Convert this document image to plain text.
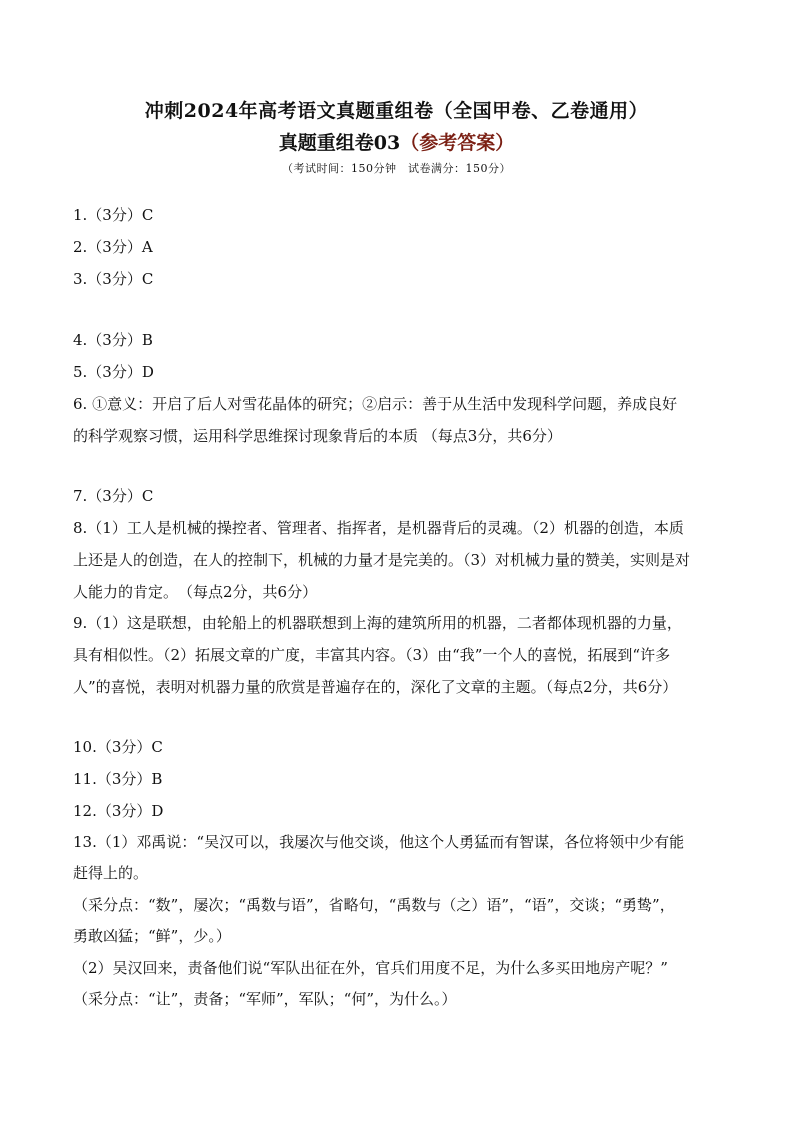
冲刺2024年高考语文真题重组卷（全国甲卷、乙卷通用）
真题重组卷03（参考答案）
（考试时间：150分钟　试卷满分：150分）
1.（3分）C
2.（3分）A
3.（3分）C
4.（3分）B
5.（3分）D
6. ①意义：开启了后人对雪花晶体的研究；②启示：善于从生活中发现科学问题，养成良好
的科学观察习惯，运用科学思维探讨现象背后的本质 （每点3分，共6分）
7.（3分）C
8.（1）工人是机械的操控者、管理者、指挥者，是机器背后的灵魂。（2）机器的创造，本质
上还是人的创造，在人的控制下，机械的力量才是完美的。（3）对机械力量的赞美，实则是对
人能力的肯定。　（每点2分，共6分）
9.（1）这是联想，由轮船上的机器联想到上海的建筑所用的机器，二者都体现机器的力量，
具有相似性。（2）拓展文章的广度，丰富其内容。（3）由“我”一个人的喜悦，拓展到“许多
人”的喜悦，表明对机器力量的欣赏是普遍存在的，深化了文章的主题。（每点2分，共6分）
10.（3分）C
11.（3分）B
12.（3分）D
13.（1）邓禹说：“吴汉可以，我屡次与他交谈，他这个人勇猛而有智谋，各位将领中少有能
赶得上的。
（采分点：“数”，屡次；“禹数与语”，省略句，“禹数与（之）语”，“语”，交谈；“勇鸷”，
勇敢凶猛；“鲜”，少。）
（2）吴汉回来，责备他们说“军队出征在外，官兵们用度不足，为什么多买田地房产呢？”
（采分点：“让”，责备；“军师”，军队；“何”，为什么。）
